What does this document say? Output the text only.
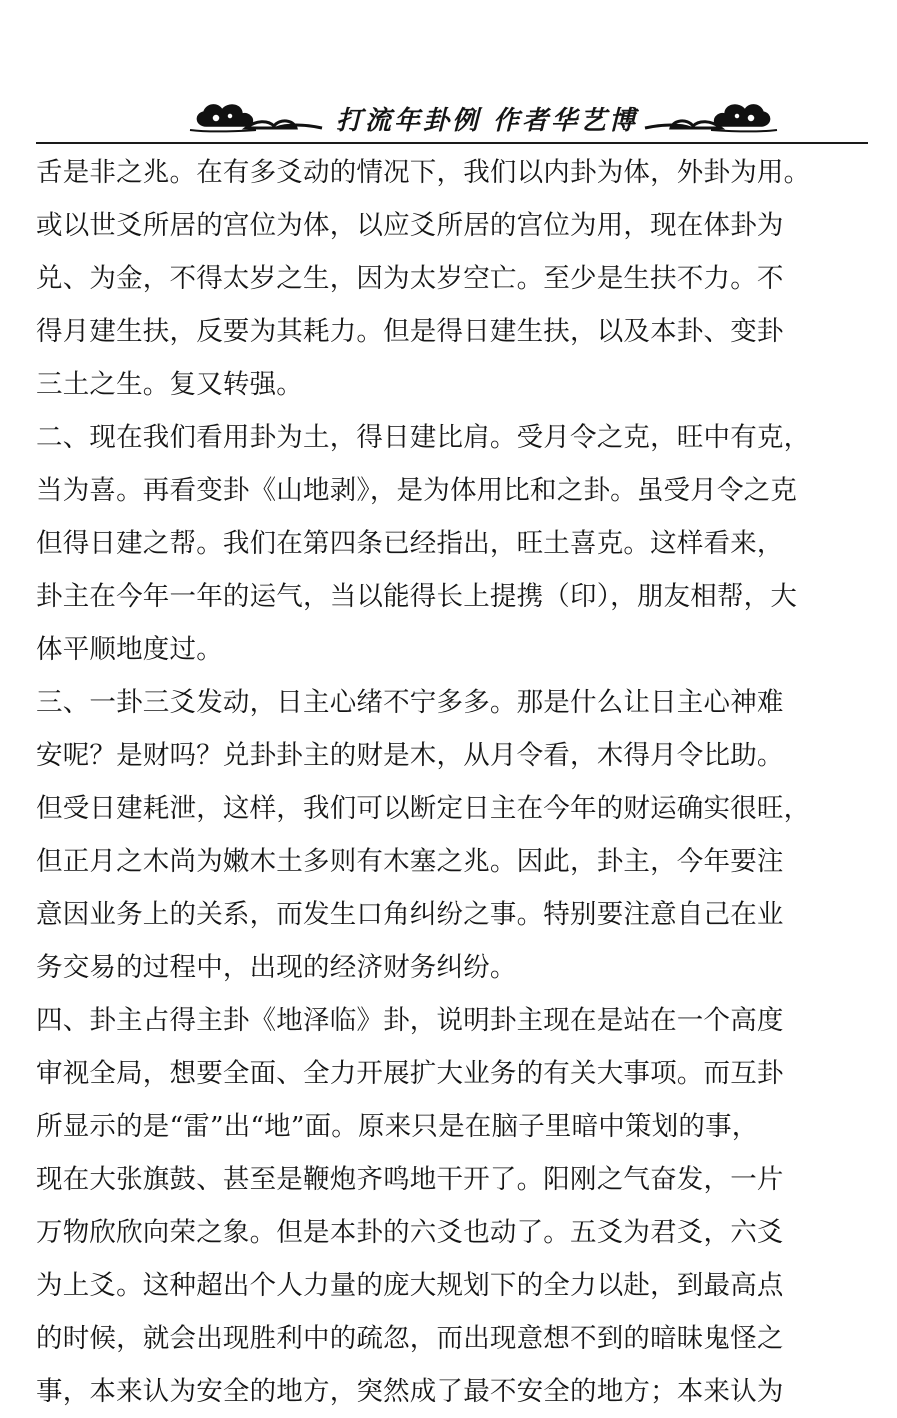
打流年卦例 作者华艺博
舌是非之兆。在有多爻动的情况下，我们以内卦为体，外卦为用。
或以世爻所居的宫位为体，以应爻所居的宫位为用，现在体卦为
兑、为金，不得太岁之生，因为太岁空亡。至少是生扶不力。不
得月建生扶，反要为其耗力。但是得日建生扶，以及本卦、变卦
三土之生。复又转强。
二、现在我们看用卦为土，得日建比肩。受月令之克，旺中有克，
当为喜。再看变卦《山地剥》，是为体用比和之卦。虽受月令之克
但得日建之帮。我们在第四条已经指出，旺土喜克。这样看来，
卦主在今年一年的运气，当以能得长上提携（印），朋友相帮，大
体平顺地度过。
三、一卦三爻发动，日主心绪不宁多多。那是什么让日主心神难
安呢？是财吗？兑卦卦主的财是木，从月令看，木得月令比助。
但受日建耗泄，这样，我们可以断定日主在今年的财运确实很旺，
但正月之木尚为嫩木土多则有木塞之兆。因此，卦主，今年要注
意因业务上的关系，而发生口角纠纷之事。特别要注意自己在业
务交易的过程中，出现的经济财务纠纷。
四、卦主占得主卦《地泽临》卦，说明卦主现在是站在一个高度
审视全局，想要全面、全力开展扩大业务的有关大事项。而互卦
所显示的是“雷”出“地”面。原来只是在脑子里暗中策划的事，
现在大张旗鼓、甚至是鞭炮齐鸣地干开了。阳刚之气奋发，一片
万物欣欣向荣之象。但是本卦的六爻也动了。五爻为君爻，六爻
为上爻。这种超出个人力量的庞大规划下的全力以赴，到最高点
的时候，就会出现胜利中的疏忽，而出现意想不到的暗昧鬼怪之
事，本来认为安全的地方，突然成了最不安全的地方；本来认为
